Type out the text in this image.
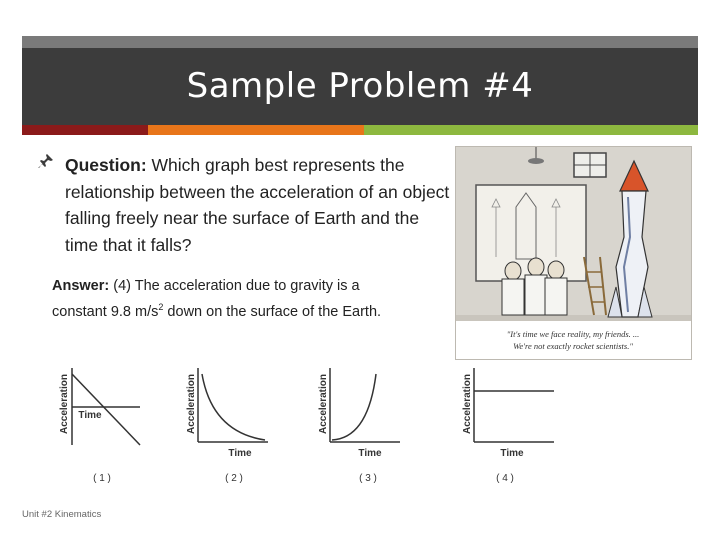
Sample Problem #4
Question: Which graph best represents the relationship between the acceleration of an object falling freely near the surface of Earth and the time that it falls?
Answer: (4) The acceleration due to gravity is a constant 9.8 $m/s^2$ down on the surface of the Earth.
"It's time we face reality, my friends. ...
We're not exactly rocket scientists."
Acceleration Time
( 1 )
Acceleration
Time
( 2 )
Acceleration
Time
( 3 )
Acceleration
Time
( 4 )
Unit #2 Kinematics
